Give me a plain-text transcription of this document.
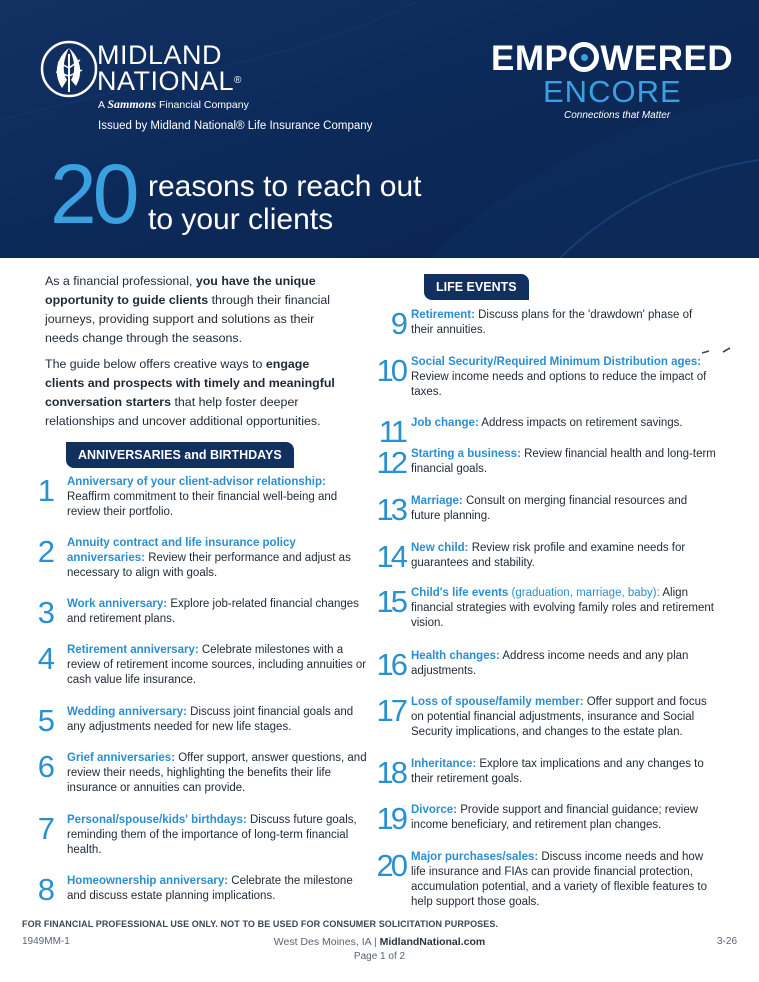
MIDLAND
NATIONAL®
A Sammons Financial Company
Issued by Midland National® Life Insurance Company
EMP WERED
ENCORE
Connections that Matter
20 reasons to reach out
to your clients

As a financial professional, you have the unique opportunity to guide clients through their financial journeys, providing support and solutions as their needs change through the seasons.

The guide below offers creative ways to engage clients and prospects with timely and meaningful conversation starters that help foster deeper relationships and uncover additional opportunities.

ANNIVERSARIES and BIRTHDAYS
LIFE EVENTS
1 Anniversary of your client-advisor relationship: Reaffirm commitment to their financial well-being and review their portfolio.
2 Annuity contract and life insurance policy anniversaries: Review their performance and adjust as necessary to align with goals.
3 Work anniversary: Explore job-related financial changes and retirement plans.
4 Retirement anniversary: Celebrate milestones with a review of retirement income sources, including annuities or cash value life insurance.
5 Wedding anniversary: Discuss joint financial goals and any adjustments needed for new life stages.
6 Grief anniversaries: Offer support, answer questions, and review their needs, highlighting the benefits their life insurance or annuities can provide.
7 Personal/spouse/kids' birthdays: Discuss future goals, reminding them of the importance of long-term financial health.
8 Homeownership anniversary: Celebrate the milestone and discuss estate planning implications.
9 Retirement: Discuss plans for the 'drawdown' phase of their annuities.
10 Social Security/Required Minimum Distribution ages: Review income needs and options to reduce the impact of taxes.
11 Job change: Address impacts on retirement savings.
12 Starting a business: Review financial health and long-term financial goals.
13 Marriage: Consult on merging financial resources and future planning.
14 New child: Review risk profile and examine needs for guarantees and stability.
15 Child's life events (graduation, marriage, baby): Align financial strategies with evolving family roles and retirement vision.
16 Health changes: Address income needs and any plan adjustments.
17 Loss of spouse/family member: Offer support and focus on potential financial adjustments, insurance and Social Security implications, and changes to the estate plan.
18 Inheritance: Explore tax implications and any changes to their retirement goals.
19 Divorce: Provide support and financial guidance; review income beneficiary, and retirement plan changes.
20 Major purchases/sales: Discuss income needs and how life insurance and FIAs can provide financial protection, accumulation potential, and a variety of flexible features to help support those goals.
FOR FINANCIAL PROFESSIONAL USE ONLY. NOT TO BE USED FOR CONSUMER SOLICITATION PURPOSES.
1949MM-1	West Des Moines, IA | MidlandNational.com
Page 1 of 2
3-26
